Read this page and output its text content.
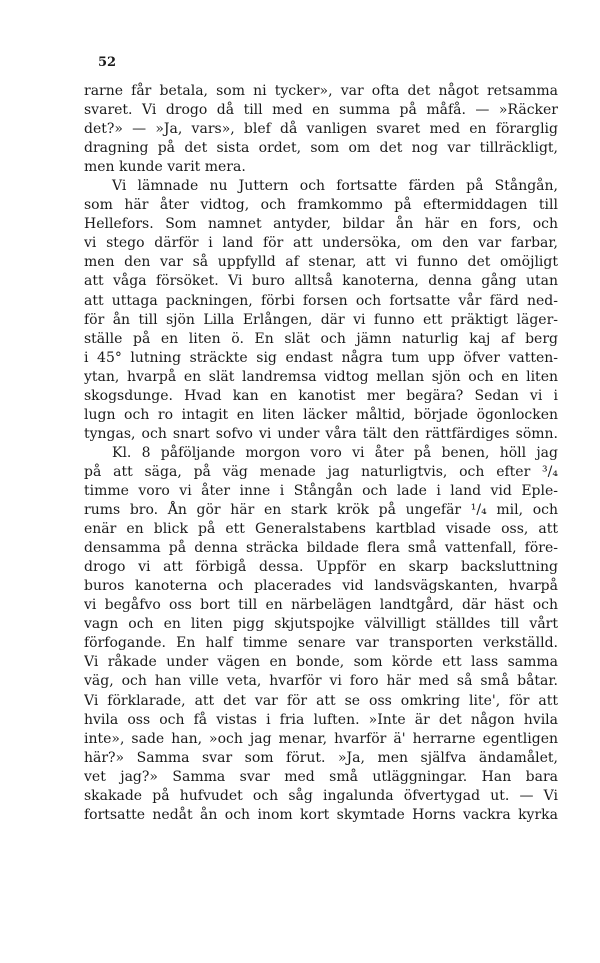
52
rarne får betala, som ni tycker», var ofta det något retsamma
svaret. Vi drogo då till med en summa på måfå. — »Räcker
det?» — »Ja, vars», blef då vanligen svaret med en förarglig
dragning på det sista ordet, som om det nog var tillräckligt,
men kunde varit mera.
Vi lämnade nu Juttern och fortsatte färden på Stångån,
som här åter vidtog, och framkommo på eftermiddagen till
Hellefors. Som namnet antyder, bildar ån här en fors, och
vi stego därför i land för att undersöka, om den var farbar,
men den var så uppfylld af stenar, att vi funno det omöjligt
att våga försöket. Vi buro alltså kanoterna, denna gång utan
att uttaga packningen, förbi forsen och fortsatte vår färd ned-
för ån till sjön Lilla Erlången, där vi funno ett präktigt läger-
ställe på en liten ö. En slät och jämn naturlig kaj af berg
i 45° lutning sträckte sig endast några tum upp öfver vatten-
ytan, hvarpå en slät landremsa vidtog mellan sjön och en liten
skogsdunge. Hvad kan en kanotist mer begära? Sedan vi i
lugn och ro intagit en liten läcker måltid, började ögonlocken
tyngas, och snart sofvo vi under våra tält den rättfärdiges sömn.
Kl. 8 påföljande morgon voro vi åter på benen, höll jag
på att säga, på väg menade jag naturligtvis, och efter ³/₄
timme voro vi åter inne i Stångån och lade i land vid Eple-
rums bro. Ån gör här en stark krök på ungefär ¹/₄ mil, och
enär en blick på ett Generalstabens kartblad visade oss, att
densamma på denna sträcka bildade flera små vattenfall, före-
drogo vi att förbigå dessa. Uppför en skarp backsluttning
buros kanoterna och placerades vid landsvägskanten, hvarpå
vi begåfvo oss bort till en närbelägen landtgård, där häst och
vagn och en liten pigg skjutspojke välvilligt ställdes till vårt
förfogande. En half timme senare var transporten verkställd.
Vi råkade under vägen en bonde, som körde ett lass samma
väg, och han ville veta, hvarför vi foro här med så små båtar.
Vi förklarade, att det var för att se oss omkring lite', för att
hvila oss och få vistas i fria luften. »Inte är det någon hvila
inte», sade han, »och jag menar, hvarför ä' herrarne egentligen
här?» Samma svar som förut. »Ja, men själfva ändamålet,
vet jag?» Samma svar med små utläggningar. Han bara
skakade på hufvudet och såg ingalunda öfvertygad ut. — Vi
fortsatte nedåt ån och inom kort skymtade Horns vackra kyrka
